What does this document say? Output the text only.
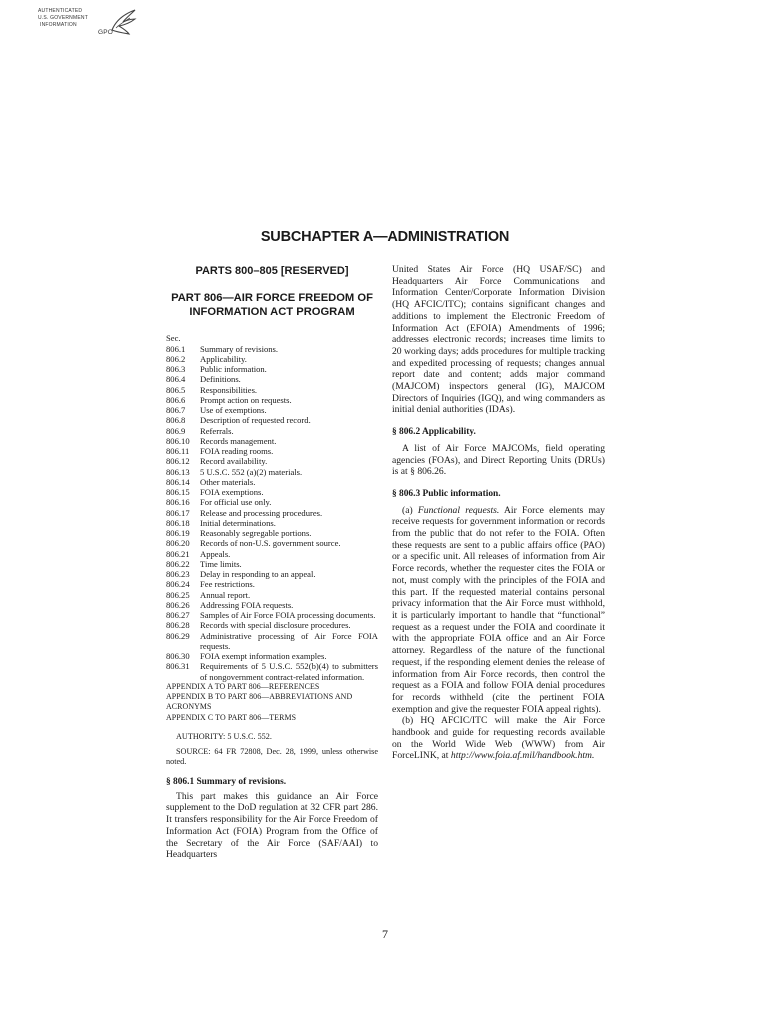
AUTHENTICATED
U.S. GOVERNMENT
INFORMATION
GPO
SUBCHAPTER A—ADMINISTRATION
PARTS 800–805 [RESERVED]
PART 806—AIR FORCE FREEDOM OF INFORMATION ACT PROGRAM

Sec.

806.1	Summary of revisions.
806.2	Applicability.
806.3	Public information.
806.4	Definitions.
806.5	Responsibilities.
806.6	Prompt action on requests.
806.7	Use of exemptions.
806.8	Description of requested record.
806.9	Referrals.
806.10	Records management.
806.11	FOIA reading rooms.
806.12	Record availability.
806.13	5 U.S.C. 552 (a)(2) materials.
806.14	Other materials.
806.15	FOIA exemptions.
806.16	For official use only.
806.17	Release and processing procedures.
806.18	Initial determinations.
806.19	Reasonably segregable portions.
806.20	Records of non-U.S. government source.
806.21	Appeals.
806.22	Time limits.
806.23	Delay in responding to an appeal.
806.24	Fee restrictions.
806.25	Annual report.
806.26	Addressing FOIA requests.
806.27	Samples of Air Force FOIA processing documents.
806.28	Records with special disclosure procedures.
806.29	Administrative processing of Air Force FOIA requests.
806.30	FOIA exempt information examples.
806.31	Requirements of 5 U.S.C. 552(b)(4) to submitters of nongovernment contract-related information.

APPENDIX A TO PART 806—REFERENCES

APPENDIX B TO PART 806—ABBREVIATIONS AND ACRONYMS

APPENDIX C TO PART 806—TERMS

AUTHORITY: 5 U.S.C. 552.

SOURCE: 64 FR 72808, Dec. 28, 1999, unless otherwise noted.

§ 806.1 Summary of revisions.

This part makes this guidance an Air Force supplement to the DoD regulation at 32 CFR part 286. It transfers responsibility for the Air Force Freedom of Information Act (FOIA) Program from the Office of the Secretary of the Air Force (SAF/AAI) to Headquarters

United States Air Force (HQ USAF/SC) and Headquarters Air Force Communications and Information Center/Corporate Information Division (HQ AFCIC/ITC); contains significant changes and additions to implement the Electronic Freedom of Information Act (EFOIA) Amendments of 1996; addresses electronic records; increases time limits to 20 working days; adds procedures for multiple tracking and expedited processing of requests; changes annual report date and content; adds major command (MAJCOM) inspectors general (IG), MAJCOM Directors of Inquiries (IGQ), and wing commanders as initial denial authorities (IDAs).

§ 806.2 Applicability.

A list of Air Force MAJCOMs, field operating agencies (FOAs), and Direct Reporting Units (DRUs) is at § 806.26.

§ 806.3 Public information.

(a) Functional requests. Air Force elements may receive requests for government information or records from the public that do not refer to the FOIA. Often these requests are sent to a public affairs office (PAO) or a specific unit. All releases of information from Air Force records, whether the requester cites the FOIA or not, must comply with the principles of the FOIA and this part. If the requested material contains personal privacy information that the Air Force must withhold, it is particularly important to handle that “functional” request as a request under the FOIA and coordinate it with the appropriate FOIA office and an Air Force attorney. Regardless of the nature of the functional request, if the responding element denies the release of information from Air Force records, then control the request as a FOIA and follow FOIA denial procedures for records withheld (cite the pertinent FOIA exemption and give the requester FOIA appeal rights).

(b) HQ AFCIC/ITC will make the Air Force handbook and guide for requesting records available on the World Wide Web (WWW) from Air ForceLINK, at http://www.foia.af.mil/handbook.htm.

7
